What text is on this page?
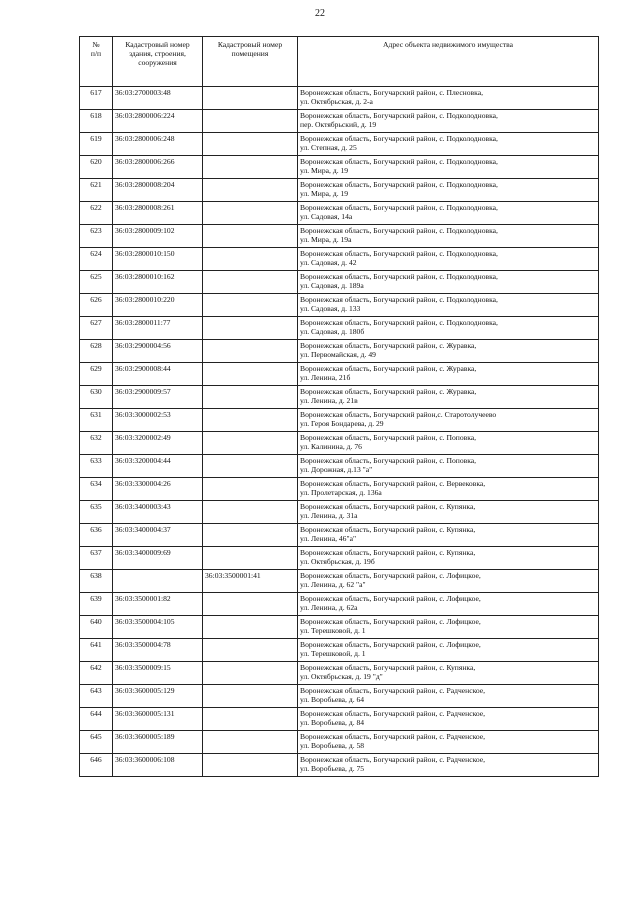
22
№
п/п	Кадастровый номер здания, строения, сооружения	Кадастровый номер помещения	Адрес объекта недвижимого имущества
617	36:03:2700003:48		Воронежская область, Богучарский район, с. Плесновка,
ул. Октябрьская, д. 2-а

618	36:03:2800006:224		Воронежская область, Богучарский район, с. Подколодновка,
пер. Октябрьский, д. 19

619	36:03:2800006:248		Воронежская область, Богучарский район, с. Подколодновка,
ул. Степная, д. 25

620	36:03:2800006:266		Воронежская область, Богучарский район, с. Подколодновка,
ул. Мира, д. 19

621	36:03:2800008:204		Воронежская область, Богучарский район, с. Подколодновка,
ул. Мира, д. 19

622	36:03:2800008:261		Воронежская область, Богучарский район, с. Подколодновка,
ул. Садовая, 14а

623	36:03:2800009:102		Воронежская область, Богучарский район, с. Подколодновка,
ул. Мира, д. 19а

624	36:03:2800010:150		Воронежская область, Богучарский район, с. Подколодновка,
ул. Садовая, д. 42

625	36:03:2800010:162		Воронежская область, Богучарский район, с. Подколодновка,
ул. Садовая, д. 189а

626	36:03:2800010:220		Воронежская область, Богучарский район, с. Подколодновка,
ул. Садовая, д. 133

627	36:03:2800011:77		Воронежская область, Богучарский район, с. Подколодновка,
ул. Садовая, д. 180б

628	36:03:2900004:56		Воронежская область, Богучарский район, с. Журавка,
ул. Первомайская, д. 49

629	36:03:2900008:44		Воронежская область, Богучарский район, с. Журавка,
ул. Ленина, 21б

630	36:03:2900009:57		Воронежская область, Богучарский район, с. Журавка,
ул. Ленина, д. 21в

631	36:03:3000002:53		Воронежская область, Богучарский район,с. Старотолучеево
ул. Героя Бондарева, д. 29

632	36:03:3200002:49		Воронежская область, Богучарский район, с. Поповка,
ул. Калинина, д. 76

633	36:03:3200004:44		Воронежская область, Богучарский район, с. Поповка,
ул. Дорожная, д.13 "а"

634	36:03:3300004:26		Воронежская область, Богучарский район, с. Вервековка,
ул. Пролетарская, д. 136а

635	36:03:3400003:43		Воронежская область, Богучарский район, с. Купянка,
ул. Ленина, д. 31а

636	36:03:3400004:37		Воронежская область, Богучарский район, с. Купянка,
ул. Ленина, 46"а"

637	36:03:3400009:69		Воронежская область, Богучарский район, с. Купянка,
ул. Октябрьская, д. 19б

638		36:03:3500001:41	Воронежская область, Богучарский район, с. Лофицкое,
ул. Ленина, д. 62 "а"

639	36:03:3500001:82		Воронежская область, Богучарский район, с. Лофицкое,
ул. Ленина, д. 62а

640	36:03:3500004:105		Воронежская область, Богучарский район, с. Лофицкое,
ул. Терешковой, д. 1

641	36:03:3500004:78		Воронежская область, Богучарский район, с. Лофицкое,
ул. Терешковой, д. 1

642	36:03:3500009:15		Воронежская область, Богучарский район, с. Купянка,
ул. Октябрьская, д. 19 "д"

643	36:03:3600005:129		Воронежская область, Богучарский район, с. Радченское,
ул. Воробьева, д. 64

644	36:03:3600005:131		Воронежская область, Богучарский район, с. Радченское,
ул. Воробьева, д. 84

645	36:03:3600005:189		Воронежская область, Богучарский район, с. Радченское,
ул. Воробьева, д. 58

646	36:03:3600006:108		Воронежская область, Богучарский район, с. Радченское,
ул. Воробьева, д. 75
